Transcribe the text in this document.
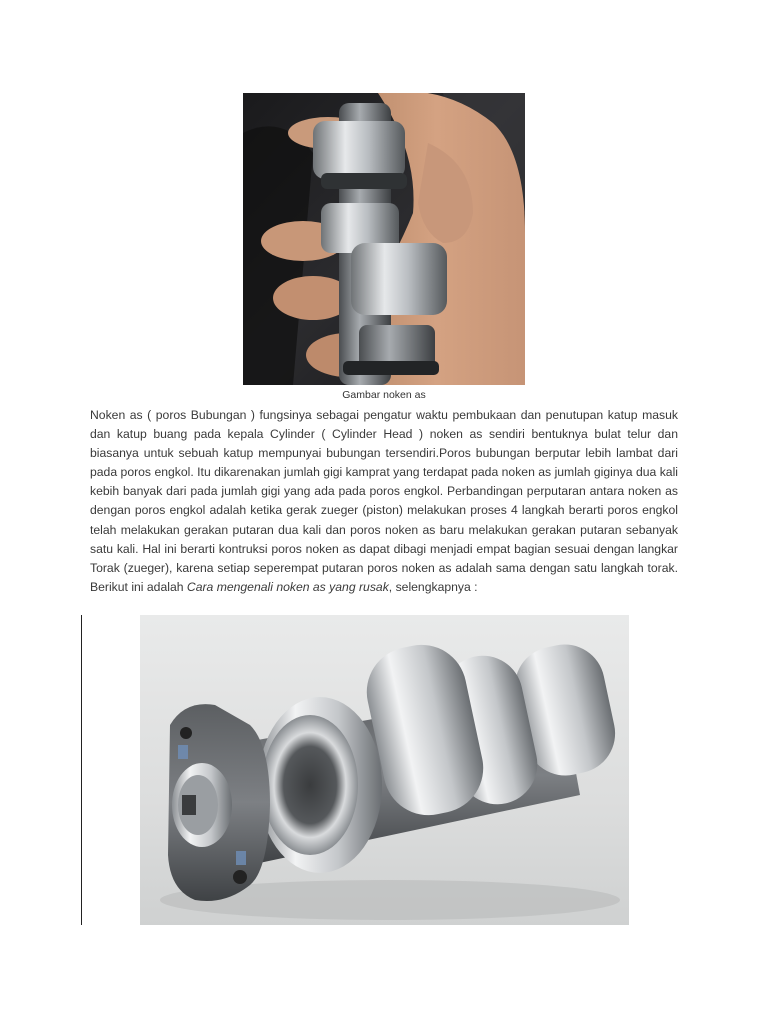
Gambar noken as

Noken as ( poros Bubungan ) fungsinya sebagai pengatur waktu pembukaan dan penutupan katup masuk dan katup buang pada kepala Cylinder ( Cylinder Head ) noken as sendiri bentuknya bulat telur dan biasanya untuk sebuah katup mempunyai bubungan tersendiri.Poros bubungan berputar lebih lambat dari pada poros engkol. Itu dikarenakan jumlah gigi kamprat yang terdapat pada noken as jumlah giginya dua kali kebih banyak dari pada jumlah gigi yang ada pada poros engkol. Perbandingan perputaran antara noken as dengan poros engkol adalah ketika gerak zueger (piston) melakukan proses 4 langkah berarti poros engkol telah melakukan gerakan putaran dua kali dan poros noken as baru melakukan gerakan putaran sebanyak satu kali. Hal ini berarti kontruksi poros noken as dapat dibagi menjadi empat bagian sesuai dengan langkar Torak (zueger), karena setiap seperempat putaran poros noken as adalah sama dengan satu langkah torak. Berikut ini adalah Cara mengenali noken as yang rusak, selengkapnya :
